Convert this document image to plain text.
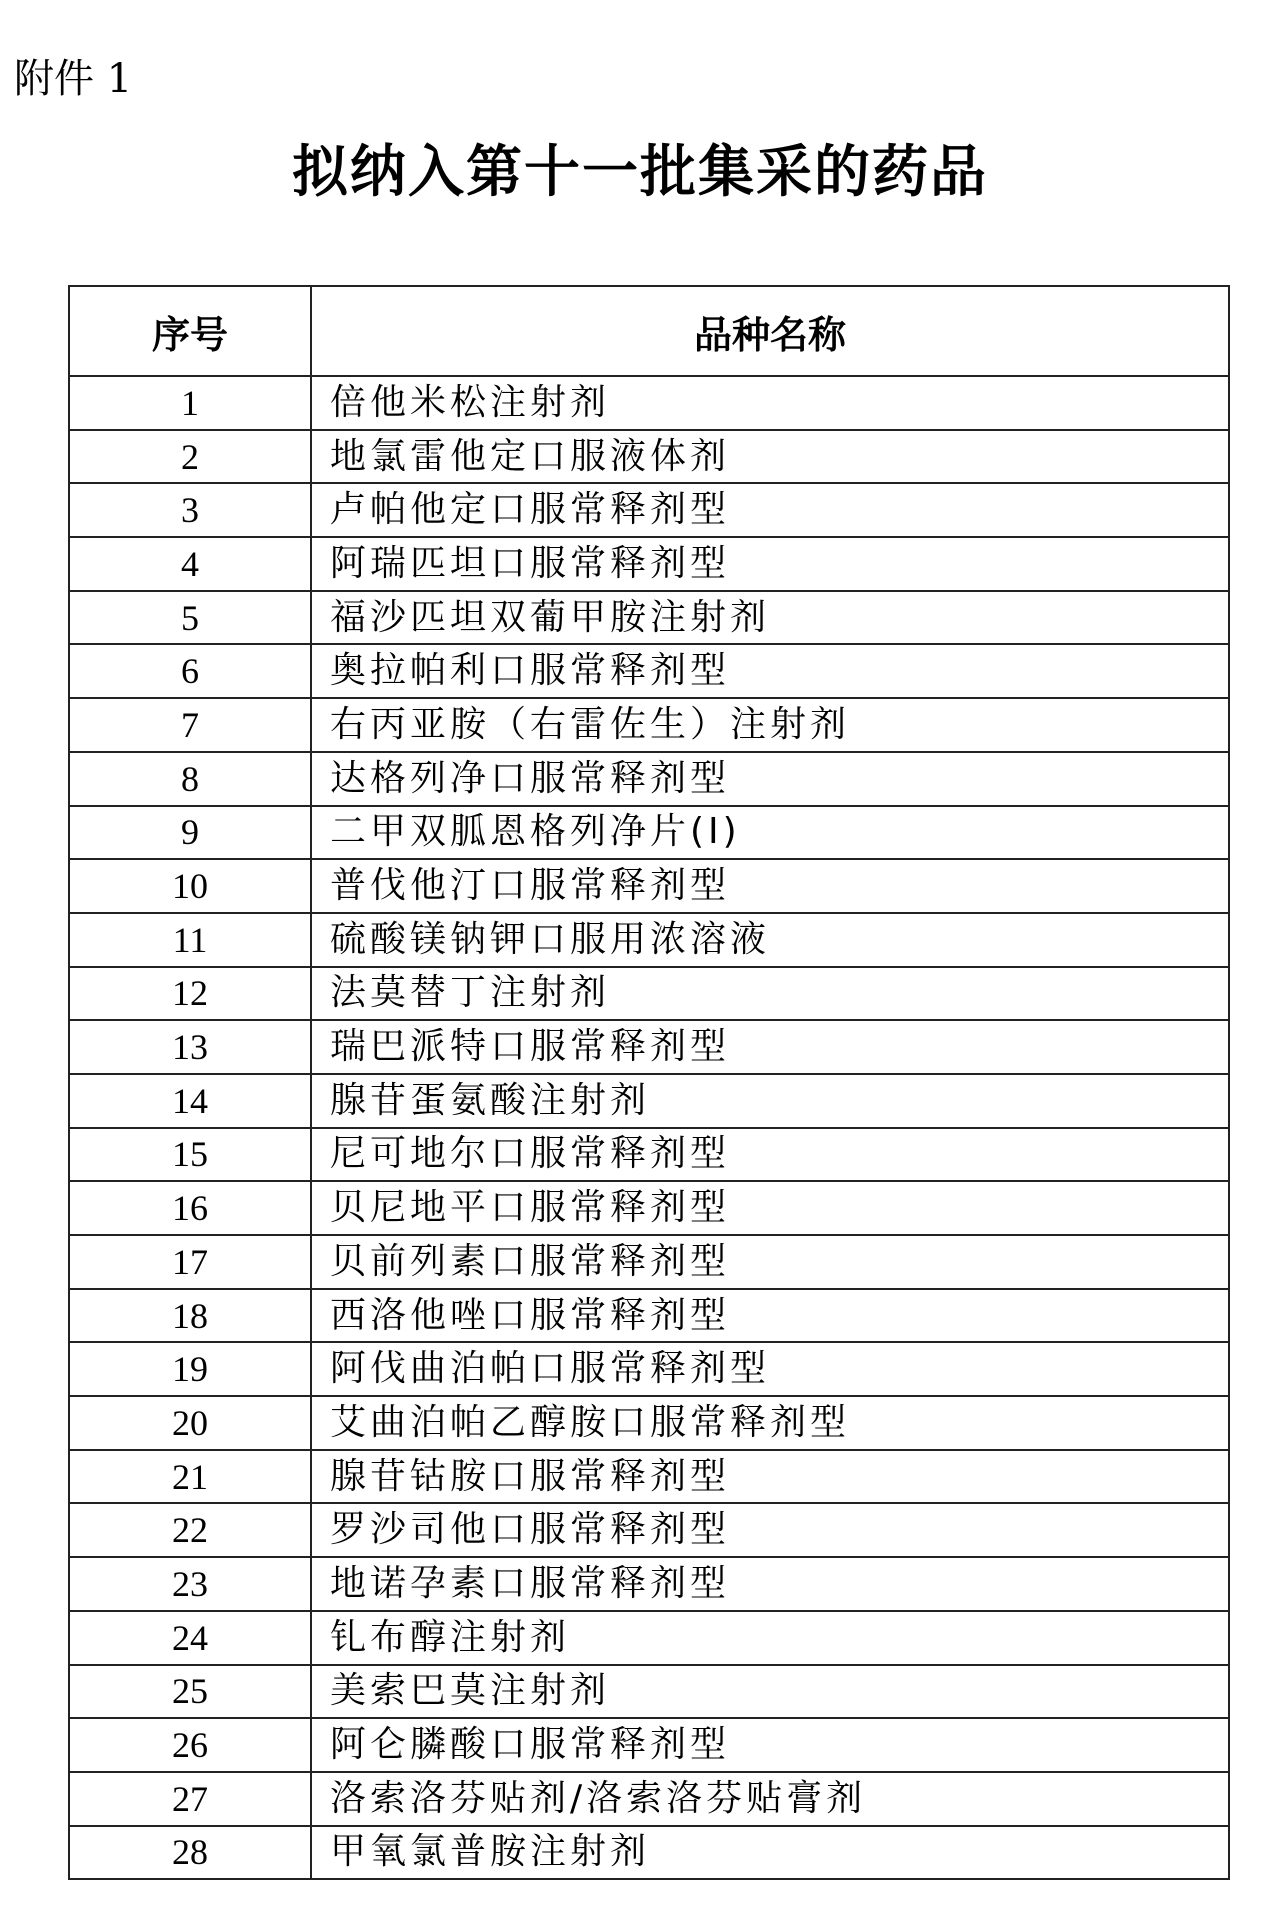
附件 1
拟纳入第十一批集采的药品
序号	品种名称
1	倍他米松注射剂
2	地氯雷他定口服液体剂
3	卢帕他定口服常释剂型
4	阿瑞匹坦口服常释剂型
5	福沙匹坦双葡甲胺注射剂
6	奥拉帕利口服常释剂型
7	右丙亚胺（右雷佐生）注射剂
8	达格列净口服常释剂型
9	二甲双胍恩格列净片(I)
10	普伐他汀口服常释剂型
11	硫酸镁钠钾口服用浓溶液
12	法莫替丁注射剂
13	瑞巴派特口服常释剂型
14	腺苷蛋氨酸注射剂
15	尼可地尔口服常释剂型
16	贝尼地平口服常释剂型
17	贝前列素口服常释剂型
18	西洛他唑口服常释剂型
19	阿伐曲泊帕口服常释剂型
20	艾曲泊帕乙醇胺口服常释剂型
21	腺苷钴胺口服常释剂型
22	罗沙司他口服常释剂型
23	地诺孕素口服常释剂型
24	钆布醇注射剂
25	美索巴莫注射剂
26	阿仑膦酸口服常释剂型
27	洛索洛芬贴剂/洛索洛芬贴膏剂
28	甲氧氯普胺注射剂
